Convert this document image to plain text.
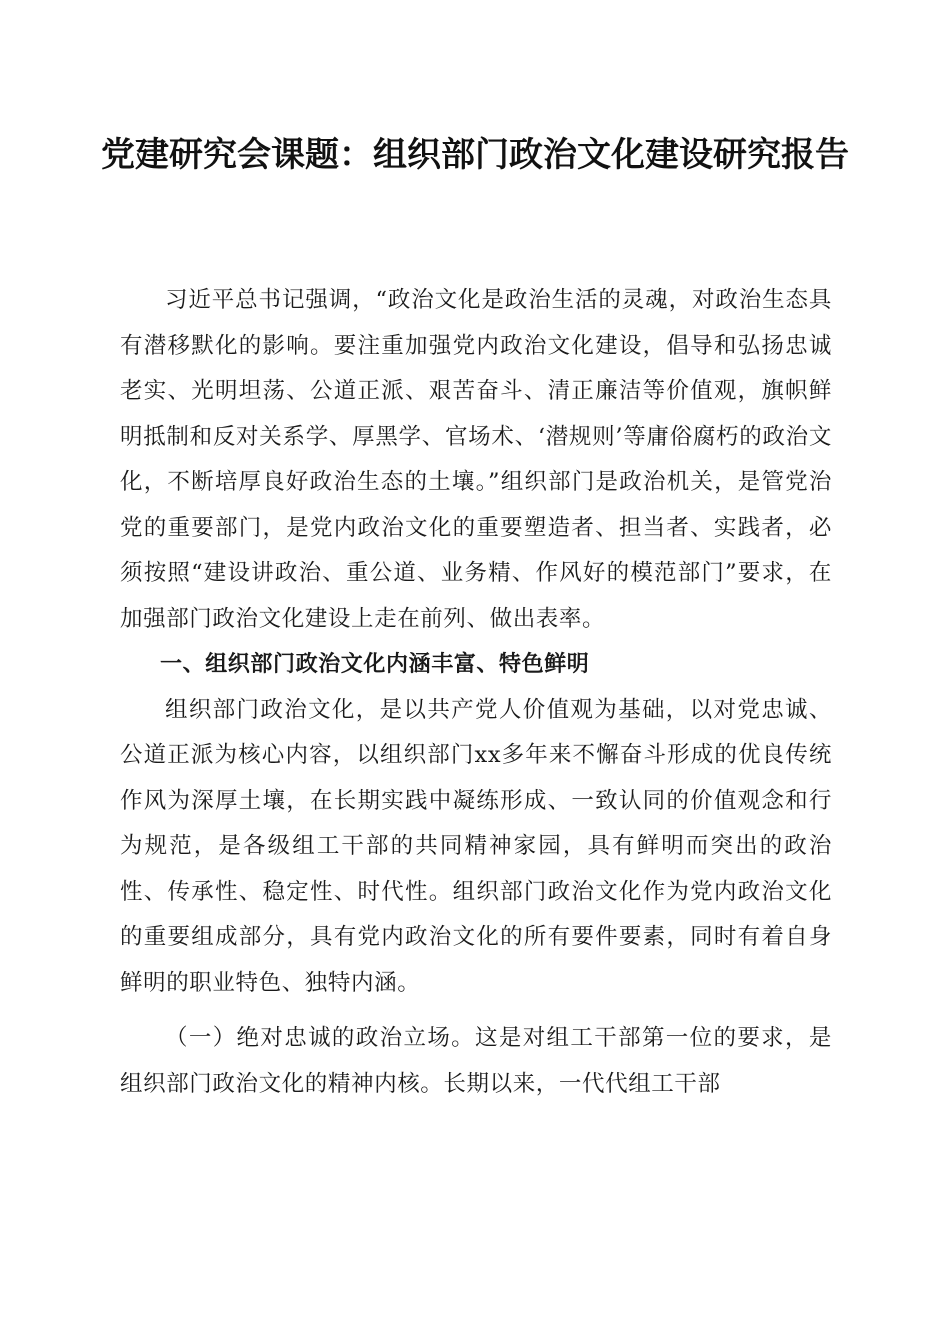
党建研究会课题：组织部门政治文化建设研究报告

习近平总书记强调，“政治文化是政治生活的灵魂，对政治生态具有潜移默化的影响。要注重加强党内政治文化建设，倡导和弘扬忠诚老实、光明坦荡、公道正派、艰苦奋斗、清正廉洁等价值观，旗帜鲜明抵制和反对关系学、厚黑学、官场术、‘潜规则’等庸俗腐朽的政治文化，不断培厚良好政治生态的土壤。”组织部门是政治机关，是管党治党的重要部门，是党内政治文化的重要塑造者、担当者、实践者，必须按照“建设讲政治、重公道、业务精、作风好的模范部门”要求，在加强部门政治文化建设上走在前列、做出表率。

一、组织部门政治文化内涵丰富、特色鲜明

组织部门政治文化，是以共产党人价值观为基础，以对党忠诚、公道正派为核心内容，以组织部门xx多年来不懈奋斗形成的优良传统作风为深厚土壤，在长期实践中凝练形成、一致认同的价值观念和行为规范，是各级组工干部的共同精神家园，具有鲜明而突出的政治性、传承性、稳定性、时代性。组织部门政治文化作为党内政治文化的重要组成部分，具有党内政治文化的所有要件要素，同时有着自身鲜明的职业特色、独特内涵。

（一）绝对忠诚的政治立场。这是对组工干部第一位的要求，是组织部门政治文化的精神内核。长期以来，一代代组工干部
